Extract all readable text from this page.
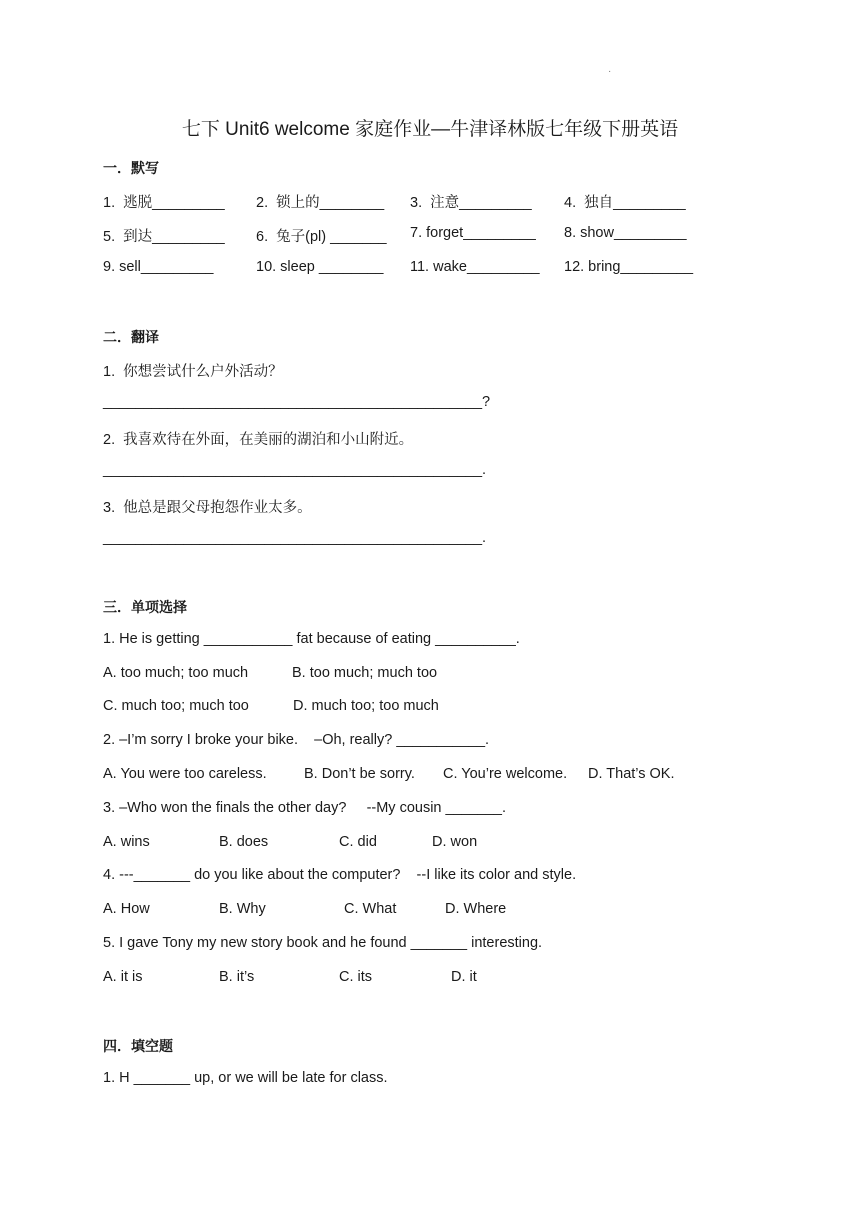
·
七下 Unit6 welcome 家庭作业—牛津译林版七年级下册英语
一．默写
1.  逃脱_________ 2.  锁上的________ 3.  注意_________ 4.  独自_________
5.  到达_________ 6.  兔子(pl) _______ 7. forget_________ 8. show_________
9. sell_________	10. sleep ________ 11. wake_________ 12. bring_________
二．翻译
1.  你想尝试什么户外活动？
_______________________________________________?
2.  我喜欢待在外面，在美丽的湖泊和小山附近。
_______________________________________________.
3.  他总是跟父母抱怨作业太多。
_______________________________________________.
三．单项选择
1. He is getting ___________ fat because of eating __________.
A. too much; too much	B. too much; much too
C. much too; much too	D. much too; too much
2. –I’m sorry I broke your bike.    –Oh, really? ___________.
A. You were too careless.	B. Don’t be sorry. C. You’re welcome. D. That’s OK.
3. –Who won the finals the other day?     --My cousin _______.
A. wins	B. does	C. did	D. won
4. ---_______ do you like about the computer?    --I like its color and style.
A. How	B. Why	C. What	D. Where
5. I gave Tony my new story book and he found _______ interesting.
A. it is	B. it’s	C. its	D. it
四．填空题
1. H _______ up, or we will be late for class.
